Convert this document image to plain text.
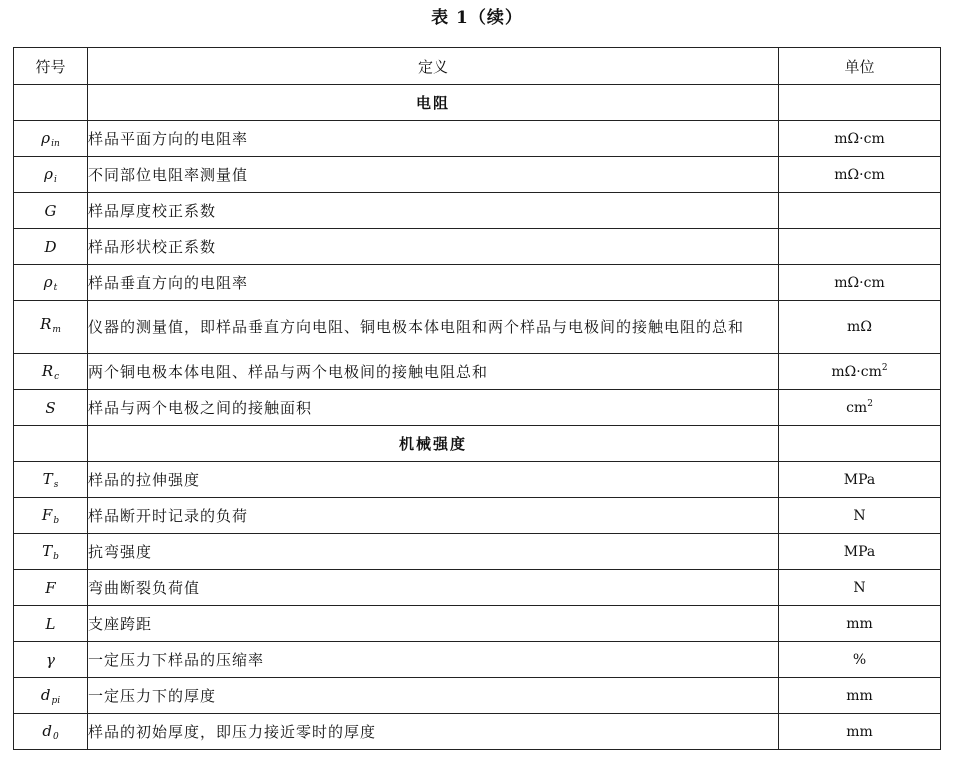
表 1（续）
符号	定义	单位
	电阻	
$\rho_{in}$	样品平面方向的电阻率	mΩ·cm
$\rho_i$	不同部位电阻率测量值	mΩ·cm
G	样品厚度校正系数	
D	样品形状校正系数	
$\rho_t$	样品垂直方向的电阻率	mΩ·cm
$R_m$	仪器的测量值，即样品垂直方向电阻、铜电极本体电阻和两个样品与电极间的接触电阻的总和	mΩ
$R_c$	两个铜电极本体电阻、样品与两个电极间的接触电阻总和	$m\Omega\cdot cm^2$
S	样品与两个电极之间的接触面积	$cm^2$
	机械强度	
$T_s$	样品的拉伸强度	MPa
$F_b$	样品断开时记录的负荷	N
$T_b$	抗弯强度	MPa
F	弯曲断裂负荷值	N
L	支座跨距	mm
γ	一定压力下样品的压缩率	%
$d_{pi}$	一定压力下的厚度	mm
$d_0$	样品的初始厚度，即压力接近零时的厚度	mm
